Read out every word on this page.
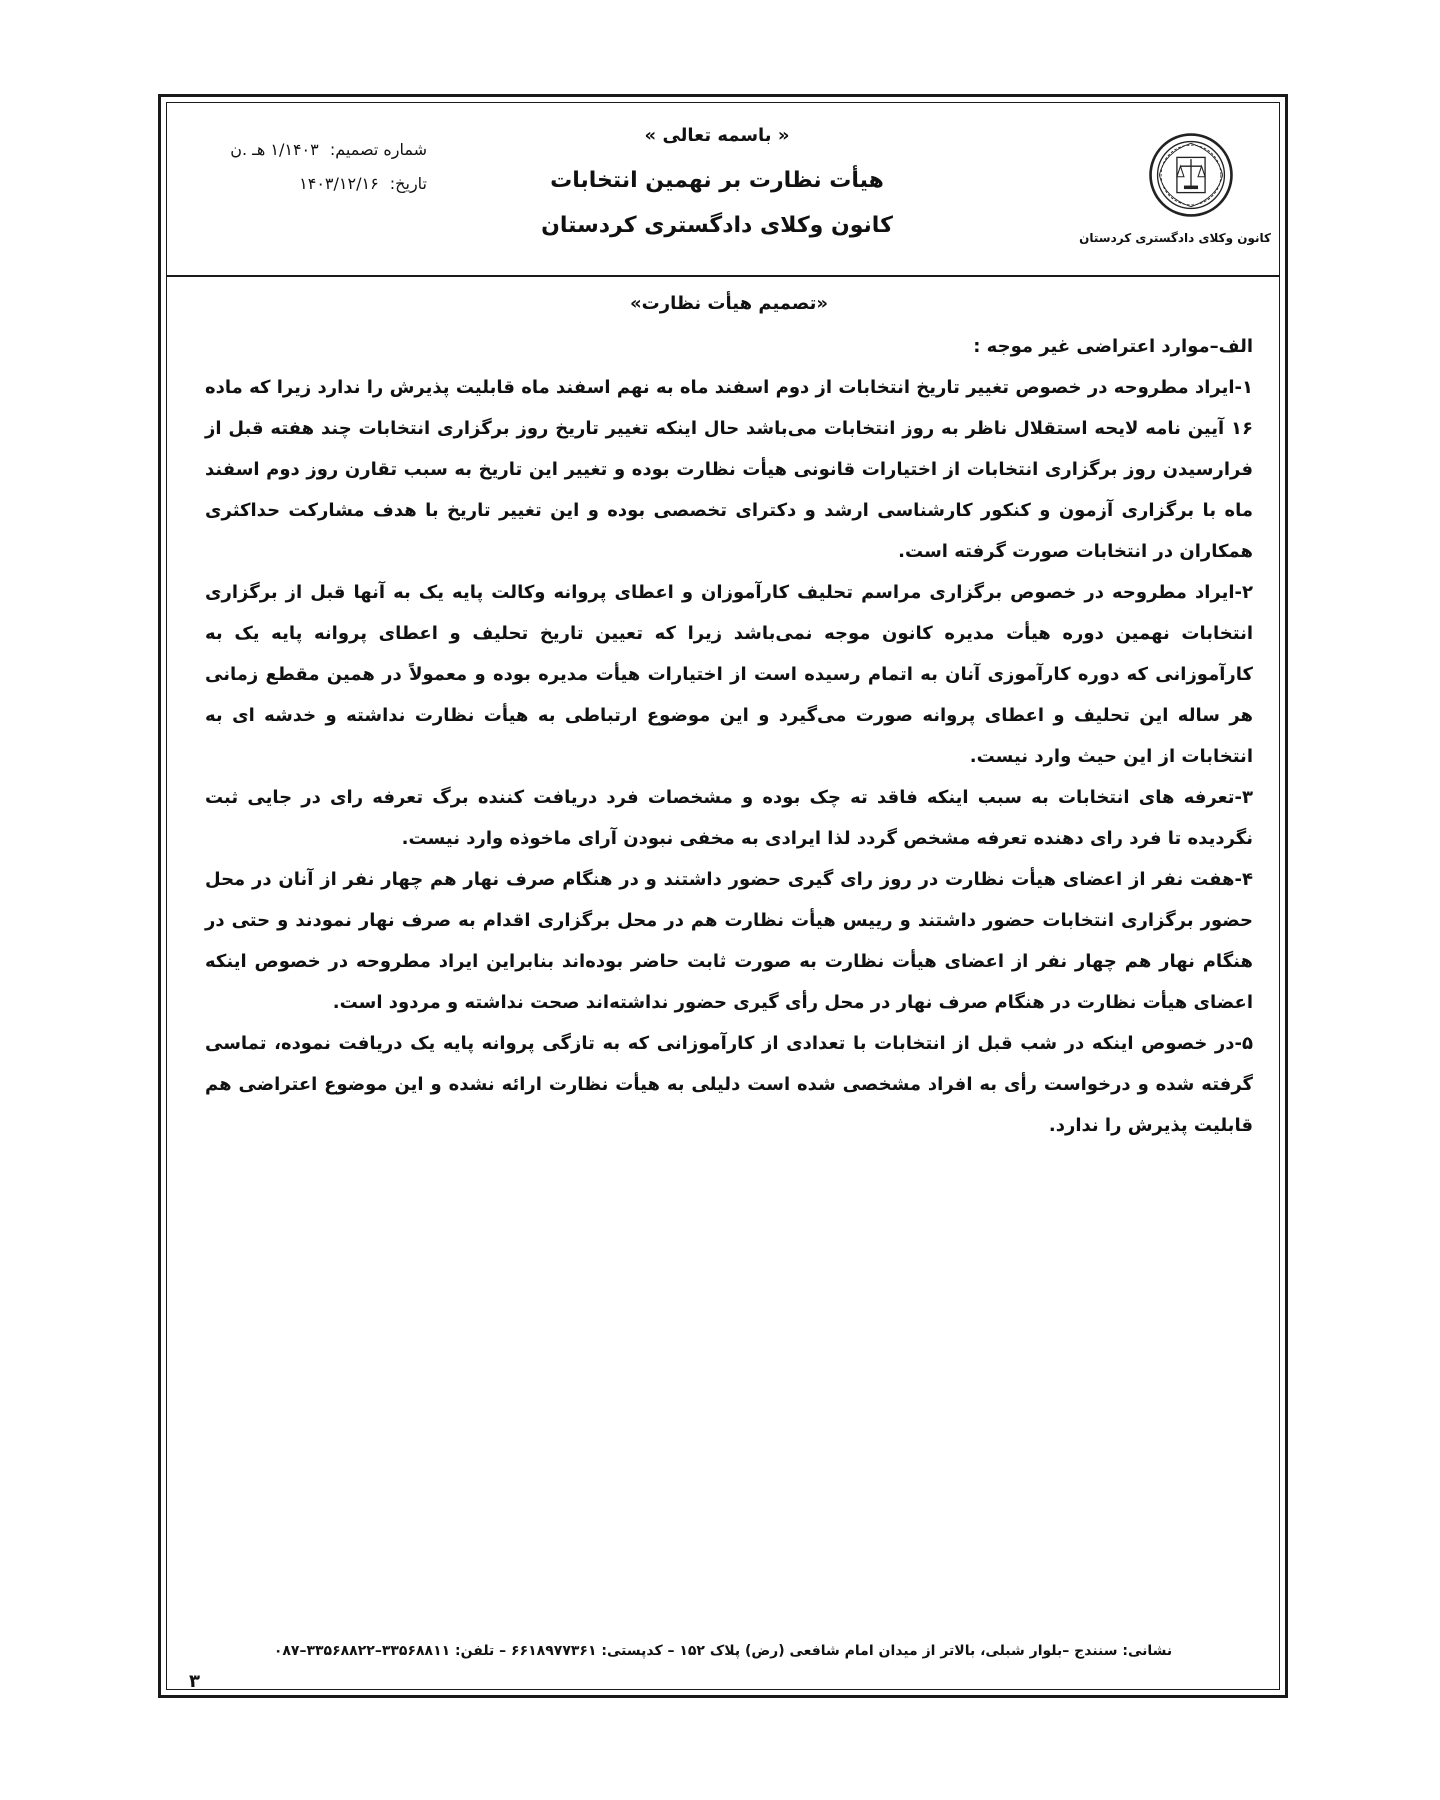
کانون وکلای دادگستری کردستان
« باسمه تعالی »
هیأت نظارت بر نهمین انتخابات
کانون وکلای دادگستری کردستان
شماره تصمیم: ۱/۱۴۰۳ هـ .ن
تاریخ: ۱۴۰۳/۱۲/۱۶
«تصمیم هیأت نظارت»
الف–موارد اعتراضی غیر موجه :

۱-ایراد مطروحه در خصوص تغییر تاریخ انتخابات از دوم اسفند ماه به نهم اسفند ماه قابلیت پذیرش را ندارد زیرا که ماده ۱۶ آیین نامه لایحه استقلال ناظر به روز انتخابات می‌باشد حال اینکه تغییر تاریخ روز برگزاری انتخابات چند هفته قبل از فرارسیدن روز برگزاری انتخابات از اختیارات قانونی هیأت نظارت بوده و تغییر این تاریخ به سبب تقارن روز دوم اسفند ماه با برگزاری آزمون و کنکور کارشناسی ارشد و دکترای تخصصی بوده و این تغییر تاریخ با هدف مشارکت حداکثری همکاران در انتخابات صورت گرفته است.

۲-ایراد مطروحه در خصوص برگزاری مراسم تحلیف کارآموزان و اعطای پروانه وکالت پایه یک به آنها قبل از برگزاری انتخابات نهمین دوره هیأت مدیره کانون موجه نمی‌باشد زیرا که تعیین تاریخ تحلیف و اعطای پروانه پایه یک به کارآموزانی که دوره کارآموزی آنان به اتمام رسیده است از اختیارات هیأت مدیره بوده و معمولاً در همین مقطع زمانی هر ساله این تحلیف و اعطای پروانه صورت می‌گیرد و این موضوع ارتباطی به هیأت نظارت نداشته و خدشه ای به انتخابات از این حیث وارد نیست.

۳-تعرفه های انتخابات به سبب اینکه فاقد ته چک بوده و مشخصات فرد دریافت کننده برگ تعرفه رای در جایی ثبت نگردیده تا فرد رای دهنده تعرفه مشخص گردد لذا ایرادی به مخفی نبودن آرای ماخوذه وارد نیست.

۴-هفت نفر از اعضای هیأت نظارت در روز رای گیری حضور داشتند و در هنگام صرف نهار هم چهار نفر از آنان در محل حضور برگزاری انتخابات حضور داشتند و رییس هیأت نظارت هم در محل برگزاری اقدام به صرف نهار نمودند و حتی در هنگام نهار هم چهار نفر از اعضای هیأت نظارت به صورت ثابت حاضر بوده‌اند بنابراین ایراد مطروحه در خصوص اینکه اعضای هیأت نظارت در هنگام صرف نهار در محل رأی گیری حضور نداشته‌اند صحت نداشته و مردود است.

۵-در خصوص اینکه در شب قبل از انتخابات با تعدادی از کارآموزانی که به تازگی پروانه پایه یک دریافت نموده، تماسی گرفته شده و درخواست رأی به افراد مشخصی شده است دلیلی به هیأت نظارت ارائه نشده و این موضوع اعتراضی هم قابلیت پذیرش را ندارد.

نشانی: سنندج –بلوار شبلی، بالاتر از میدان امام شافعی (رض) پلاک ۱۵۲ – کدپستی: ۶۶۱۸۹۷۷۳۶۱ – تلفن: ۳۳۵۶۸۸۱۱–۳۳۵۶۸۸۲۲–۰۸۷
۳
